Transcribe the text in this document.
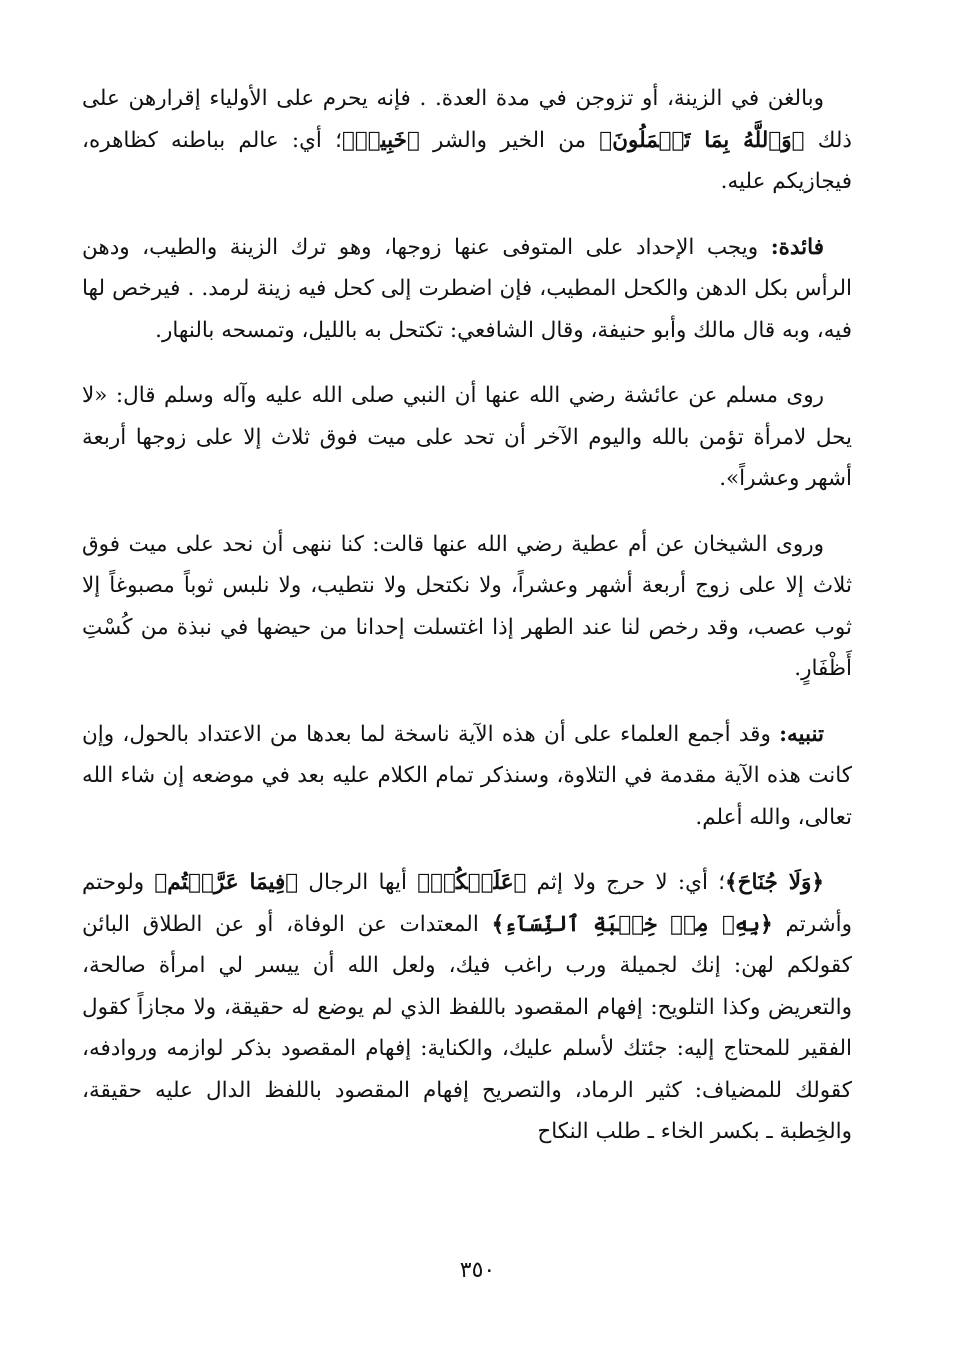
وبالغن في الزينة، أو تزوجن في مدة العدة. . فإنه يحرم على الأولياء إقرارهن على ذلك ﴿وَٱللَّهُ بِمَا تَعۡمَلُونَ﴾ من الخير والشر ﴿خَبِيرٞ﴾؛ أي: عالم بباطنه كظاهره، فيجازيكم عليه.

فائدة: ويجب الإحداد على المتوفى عنها زوجها، وهو ترك الزينة والطيب، ودهن الرأس بكل الدهن والكحل المطيب، فإن اضطرت إلى كحل فيه زينة لرمد. . فيرخص لها فيه، وبه قال مالك وأبو حنيفة، وقال الشافعي: تكتحل به بالليل، وتمسحه بالنهار.

روى مسلم عن عائشة رضي الله عنها أن النبي صلى الله عليه وآله وسلم قال: «لا يحل لامرأة تؤمن بالله واليوم الآخر أن تحد على ميت فوق ثلاث إلا على زوجها أربعة أشهر وعشراً».

وروى الشيخان عن أم عطية رضي الله عنها قالت: كنا ننهى أن نحد على ميت فوق ثلاث إلا على زوج أربعة أشهر وعشراً، ولا نكتحل ولا نتطيب، ولا نلبس ثوباً مصبوغاً إلا ثوب عصب، وقد رخص لنا عند الطهر إذا اغتسلت إحدانا من حيضها في نبذة من كُسْتِ أَظْفَارٍ.

تنبيه: وقد أجمع العلماء على أن هذه الآية ناسخة لما بعدها من الاعتداد بالحول، وإن كانت هذه الآية مقدمة في التلاوة، وسنذكر تمام الكلام عليه بعد في موضعه إن شاء الله تعالى، والله أعلم.

﴿وَلَا جُنَاحَ﴾؛ أي: لا حرج ولا إثم ﴿عَلَيۡكُمۡ﴾ أيها الرجال ﴿فِيمَا عَرَّضۡتُم﴾ ولوحتم وأشرتم ﴿بِهِۦ مِنۡ خِطۡبَةِ ٱلنِّسَآءِ﴾ المعتدات عن الوفاة، أو عن الطلاق البائن كقولكم لهن: إنك لجميلة ورب راغب فيك، ولعل الله أن ييسر لي امرأة صالحة، والتعريض وكذا التلويح: إفهام المقصود باللفظ الذي لم يوضع له حقيقة، ولا مجازاً كقول الفقير للمحتاج إليه: جئتك لأسلم عليك، والكناية: إفهام المقصود بذكر لوازمه وروادفه، كقولك للمضياف: كثير الرماد، والتصريح إفهام المقصود باللفظ الدال عليه حقيقة، والخِطبة ـ بكسر الخاء ـ طلب النكاح

٣٥٠
